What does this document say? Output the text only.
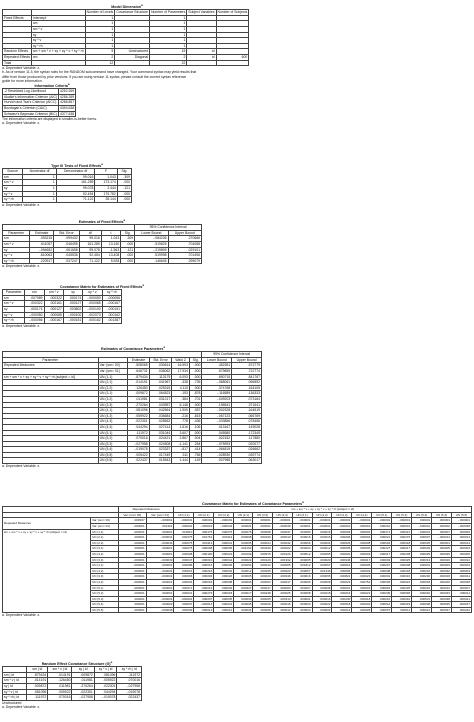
Model Dimension$^a$
		Number of Levels	Covariance Structure	Number of Parameters	Subject Variables	Number of Subjects
Fixed Effects	Intercept	1		1		
	sm	1		1		
	sm * v	1		1		
	sy	1		1		
	sy * v	1		1		
	sy * rh	1		1		
Random Effects	sm + sm * v + sy + sy * v + sy * rh	5	Unstructured	15	id	
Repeated Effects	sm	2	Diagonal	2	id	600
Total		12		22		
a. Dependent Variable: z.
b. As of version 11.5, the syntax rules for the RANDOM subcommand have changed. Your command syntax may yield results that
differ from those produced by prior versions. If you are using version 11 syntax, please consult the current syntax reference
guide for more information.
Information Criteria$^a$
-2 Restricted Log Likelihood	4252.269
Akaike's Information Criterion (AIC)	4286.269
Hurvich and Tsai's Criterion (AICC)	4286.857
Bozdogan's Criterion (CAIC)	4394.638
Schwarz's Bayesian Criterion (BIC)	4377.638
The information criteria are displayed in smaller-is-better forms.
a. Dependent Variable: z.
Type III Tests of Fixed Effects$^a$
Source	Numerator df	Denominator df	F	Sig.
sm	1	99.016	1.043	.309
sm * v	1	161.289	173.174	.000
sy	1	99.078	2.444	.121
sy * v	1	92.454	179.782	.000
sy * rh	1	71.122	35.144	.000
a. Dependent Variable: z.
Estimates of Fixed Effects$^a$
						95% Confidence Interval	
Parameter	Estimate	Std. Error	df	t	Sig.	Lower Bound	Upper Bound
sm	.093215	.099432	99.016	1.043	.309	-.084236	.270666
sm * v	.611057	.046495	161.289	13.160	.000	.519825	.704088
sy	-.094652	.061658	99.078	-1.563	.121	-.219805	.029101
sy * v	.610063	.045536	92.454	13.408	.000	.519998	.701496
sy * rh	.220917	.037247	71.122	5.928	.000	.146645	.295079
a. Dependent Variable: z.
Covariance Matrix for Estimates of Fixed Effects$^a$
Parameter	sm	sm * v	sy	sy * v	sy * rh
sm	.007989	.000322	.000174	-.000050	-.000056
sm * v	.000322	.002161	.000127	.000085	-.000167
sy	.000174	.000127	.003802	-.000100	-.000151
sy * v	-.000050	.000085	-.000100	.002073	.000162
sy * rh	-.000056	-.000167	-.000151	.000162	.001387
a. Dependent Variable: z.
Estimates of Covariance Parameters$^a$
						95% Confidence Interval	
Parameter		Estimate	Std. Error	Wald Z	Sig.	Lower Bound	Upper Bound
Repeated Measures	Var: [sm= 00]	.508065	.030614	16.593	.000	.452351	.572779
	Var: [sm= 01]	.646731	.036062	17.934	.000	.579859	.722774
sm + sm * v + sy + sy * v + sy * rh [subject = id]	UN (1,1)	.879434	.113179	6.093	.000	.690715	.841767
	UN (2,1)	.014191	.041967	.338	.735	-.068061	.096592
	UN (2,2)	.126450	.025315	4.110	.000	.374768	.164105
	UN (3,1)	.009872	.064523	.153	.878	-.116589	.136333
	UN (3,2)	.011981	.031217	.384	.701	-.049203	.073164
	UN (3,3)	.270264	.043957	6.148	.000	.196541	.371641
	UN (4,1)	.081096	.042564	1.905	.057	-.002328	.164519
	UN (4,2)	.059922	.036684	.216	.815	-.067123	.066769
	UN (4,3)	.022301	.028652	.778	.436	-.033856	.078458
	UN (4,4)	.044294	.027414	1.616	.106	.013167	.149028
	UN (5,1)	.111972	.031044	3.607	.000	.045580	.172349
	UN (5,2)	.070016	.024421	2.867	.004	.022152	.117880
	UN (5,3)	-.027958	.024508	-1.141	.254	-.075993	.020077
	UN (5,4)	-.019078	.023337	-.817	.414	-.064819	.026662
	UN (5,5)	.005422	.017449	.311	.756	-.028930	.039774
	UN (5,5)	.022437	.015543	1.444	.149	.007988	.063017
a. Dependent Variable: z.
Covariance Matrix for Estimates of Covariance Parameters$^a$
		Repeated Measures		sm + sm * v + sy + sy * v + sy * rh [subject = id]														
		Var: [sm= 00]	Var: [sm= 01]	UN (1,1)	UN (2,1)	UN (2,2)	UN (3,1)	UN (3,2)	UN (3,3)	UN (4,1)	UN (4,2)	UN (4,3)	UN (4,4)	UN (5,1)	UN (5,2)	UN (5,3)	UN (5,4)	UN (5,5)
Repeated Measures	Var: [sm= 00]	.000937	-.000001	-.000031	.000001	-.000001	.000001	.000001	-.000001	-.000001	-.000001	-.000001	-.000001	-.000001	-.000001	.000001	.000001	-.000001
	Var: [sm= 01]	-.000001	.001301	.000001	-.000031	-.000034	.000001	.000001	-.000039	.000001	-.000001	-.000001	.000001	.000001	.000001	-.000001	.000002	-.000038
sm + sm * v + sy + sy * v + sy * rh [subject = id]	UN (1,1)	-.000031	.000001	.012810	.000475	.000075	.000275	.000008	.000047	.000286	.000016	.000006	.000004	.000371	.000021	-.000001	.000007	.000009
	UN (2,1)	.000001	-.000031	.000475	.001761	.000113	.000008	.000190	.000010	.000016	.000216	.000006	.000004	.000021	.000276	.000007	-.000014	.000013
	UN (2,2)	-.000001	-.000034	.000075	.000113	.000641	.000005	.000024	.000042	.000006	.000004	.000026	.000008	.000004	.000018	.000035	.000001	.000014
	UN (3,1)	.000001	.000001	.000275	.000008	.000005	.004163	.000109	.000022	.000264	.000012	.000005	.000006	.000327	.000017	.000003	.000005	.000004
	UN (3,2)	.000001	.000001	.000008	.000190	.000024	.000109	.000975	.000120	.000012	.000265	.000020	.000003	.000017	.000238	.000025	.000026	.000006
	UN (3,3)	-.000001	-.000039	.000047	.000010	.000042	.000022	.000120	.001932	.000005	.000020	.000346	.000017	.000003	.000025	.000313	.000016	.000012
	UN (4,1)	-.000001	.000001	.000286	.000016	.000006	.000264	.000012	.000005	.001812	.000057	.000016	.000005	.000297	.000008	.000001	.000003	.000004
	UN (4,2)	-.000001	-.000001	.000016	.000216	.000004	.000012	.000265	.000020	.000057	.001346	.000065	.000009	.000008	.000218	.000016	.000022	.000003
	UN (4,3)	-.000001	-.000001	.000006	.000006	.000026	.000005	.000020	.000346	.000016	.000065	.000821	.000023	.000001	.000016	.000230	.000018	.000014
	UN (4,4)	-.000001	.000001	.000004	.000004	.000008	.000006	.000003	.000017	.000005	.000009	.000023	.000752	.000003	.000022	.000018	.000202	.000028
	UN (5,1)	-.000001	.000001	.000371	.000021	.000004	.000327	.000017	.000003	.000297	.000008	.000001	.000003	.000964	.000035	.000010	.000012	.000007
	UN (5,2)	-.000001	.000001	.000021	.000276	.000018	.000017	.000238	.000025	.000008	.000218	.000016	.000022	.000035	.000596	.000040	.000033	.000011
	UN (5,3)	.000001	-.000001	-.000001	.000007	.000035	.000003	.000025	.000313	.000001	.000016	.000230	.000018	.000010	.000040	.000601	.000038	.000021
	UN (5,4)	.000001	.000002	.000007	-.000014	.000001	.000005	.000026	.000016	.000003	.000022	.000018	.000202	.000012	.000033	.000038	.000545	.000047
	UN (5,5)	-.000001	-.000038	.000009	.000013	.000014	.000004	.000006	.000012	.000004	.000003	.000014	.000028	.000007	.000011	.000021	.000047	.000242
a. Dependent Variable: z.
Random Effect Covariance Structure $(G)^a$
	sm | id	sm * v | id	sy | id	sy * v | id	sy * rh | id
sm | id	.879434	.014191	.009872	.081096	.111972
sm * v | id	.014191	.126450	.011981	.005922	.070016
sy | id	.009872	.011981	.270264	.022301	-.027958
sy * v | id	.081096	.005922	.022301	.044294	-.019078
sy * rh | id	.111972	.070016	-.027958	-.019078	.022437
Unstructured
a. Dependent Variable: z.
